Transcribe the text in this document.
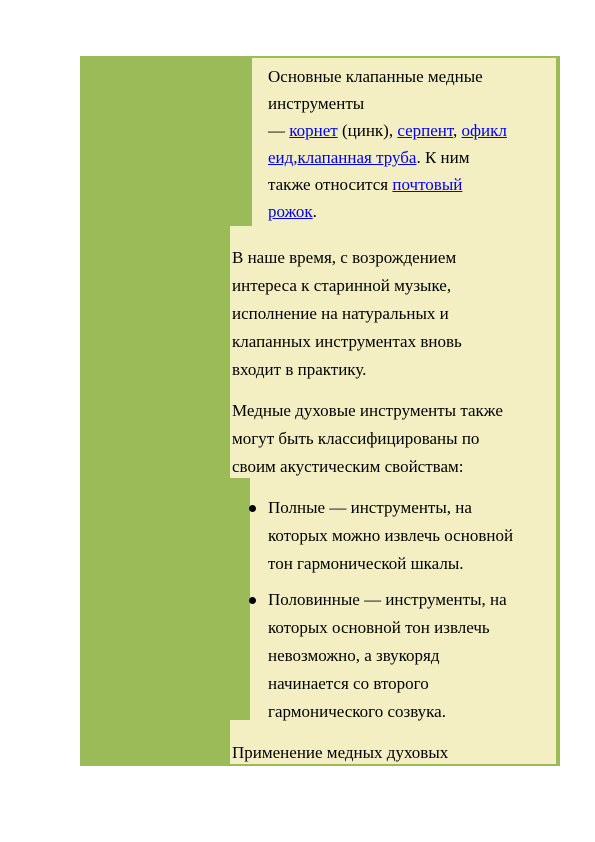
Основные клапанные медные

инструменты

— корнет (цинк), серпент, офикл

еид,клапанная труба. К ним

также относится почтовый

рожок.

В наше время, с возрождением

интереса к старинной музыке,

исполнение на натуральных и

клапанных инструментах вновь

входит в практику.

Медные духовые инструменты также

могут быть классифицированы по

своим акустическим свойствам:

Полные — инструменты, на

которых можно извлечь основной

тон гармонической шкалы.

Половинные — инструменты, на

которых основной тон извлечь

невозможно, а звукоряд

начинается со второго

гармонического созвука.

Применение медных духовых
